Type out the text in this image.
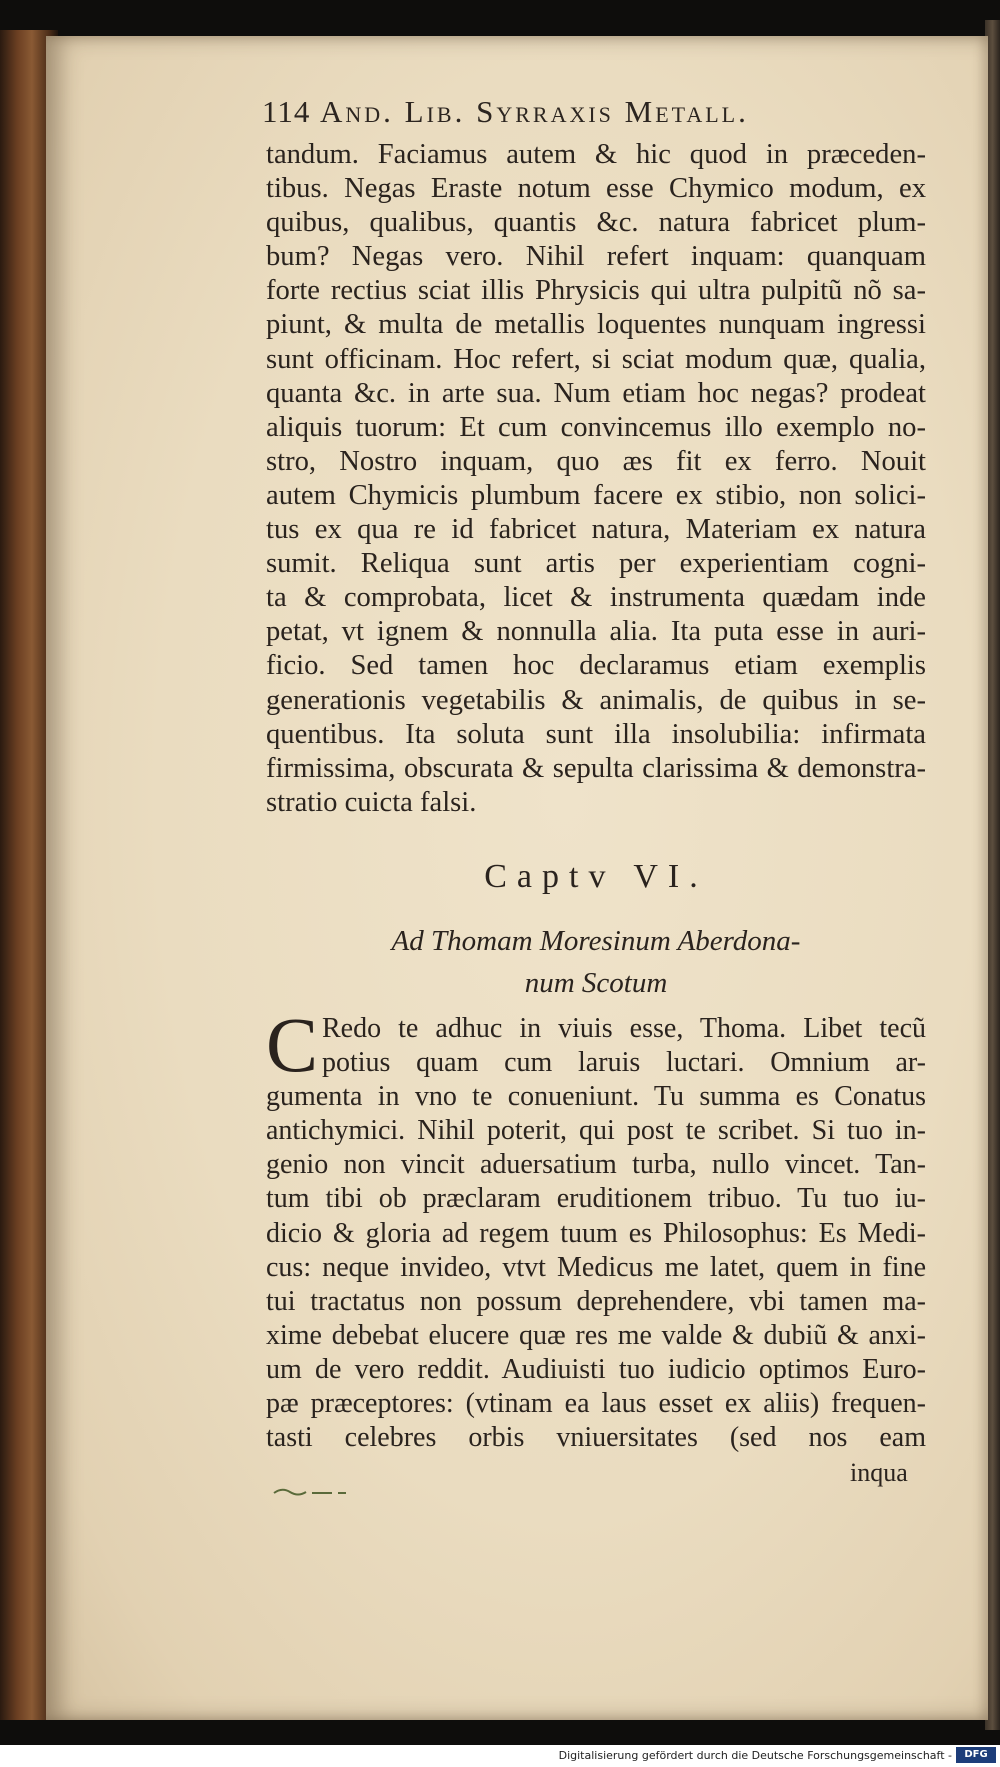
114 And. Lib. Syrraxis Metall.
tandum. Faciamus autem & hic quod in præceden-
tibus. Negas Eraste notum esse Chymico modum, ex
quibus, qualibus, quantis &c. natura fabricet plum-
bum? Negas vero. Nihil refert inquam: quanquam
forte rectius sciat illis Phrysicis qui ultra pulpitũ nõ sa-
piunt, & multa de metallis loquentes nunquam ingressi
sunt officinam. Hoc refert, si sciat modum quæ, qualia,
quanta &c. in arte sua. Num etiam hoc negas? prodeat
aliquis tuorum: Et cum convincemus illo exemplo no-
stro, Nostro inquam, quo æs fit ex ferro. Nouit
autem Chymicis plumbum facere ex stibio, non solici-
tus ex qua re id fabricet natura, Materiam ex natura
sumit. Reliqua sunt artis per experientiam cogni-
ta & comprobata, licet & instrumenta quædam inde
petat, vt ignem & nonnulla alia. Ita puta esse in auri-
ficio. Sed tamen hoc declaramus etiam exemplis
generationis vegetabilis & animalis, de quibus in se-
quentibus. Ita soluta sunt illa insolubilia: infirmata
firmissima, obscurata & sepulta clarissima & demonstra-
stratio cuicta falsi.
Captv VI.
Ad Thomam Moresinum Aberdona-
num Scotum
C Redo te adhuc in viuis esse, Thoma. Libet tecũ
potius quam cum laruis luctari. Omnium ar-
gumenta in vno te conueniunt. Tu summa es Conatus
antichymici. Nihil poterit, qui post te scribet. Si tuo in-
genio non vincit aduersatium turba, nullo vincet. Tan-
tum tibi ob præclaram eruditionem tribuo. Tu tuo iu-
dicio & gloria ad regem tuum es Philosophus: Es Medi-
cus: neque invideo, vtvt Medicus me latet, quem in fine
tui tractatus non possum deprehendere, vbi tamen ma-
xime debebat elucere quæ res me valde & dubiũ & anxi-
um de vero reddit. Audiuisti tuo iudicio optimos Euro-
pæ præceptores: (vtinam ea laus esset ex aliis) frequen-
tasti celebres orbis vniuersitates (sed nos eam
inqua
Digitalisierung gefördert durch die Deutsche Forschungsgemeinschaft -	DFG
